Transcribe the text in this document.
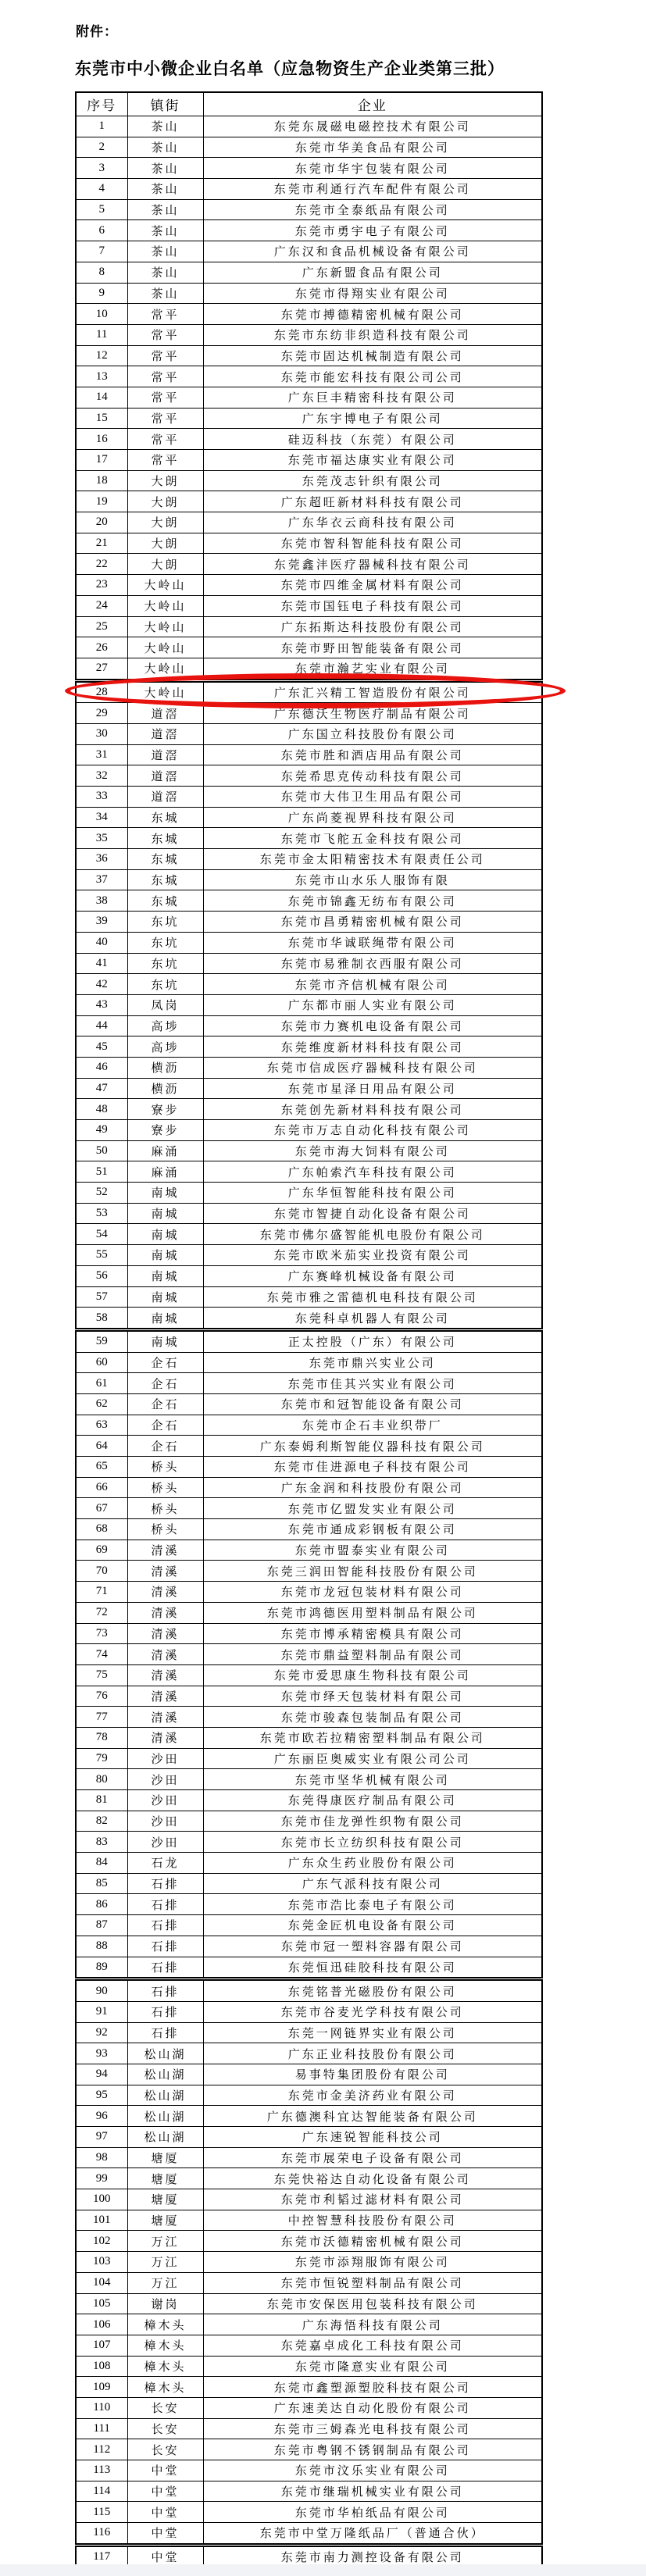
附件：
东莞市中小微企业白名单（应急物资生产企业类第三批）
序号	镇街	企业
1	茶山	东莞东晟磁电磁控技术有限公司
2	茶山	东莞市华美食品有限公司
3	茶山	东莞市华宇包装有限公司
4	茶山	东莞市利通行汽车配件有限公司
5	茶山	东莞市全泰纸品有限公司
6	茶山	东莞市勇宇电子有限公司
7	茶山	广东汉和食品机械设备有限公司
8	茶山	广东新盟食品有限公司
9	茶山	东莞市得翔实业有限公司
10	常平	东莞市搏德精密机械有限公司
11	常平	东莞市东纺非织造科技有限公司
12	常平	东莞市固达机械制造有限公司
13	常平	东莞市能宏科技有限公司公司
14	常平	广东巨丰精密科技有限公司
15	常平	广东宇博电子有限公司
16	常平	硅迈科技（东莞）有限公司
17	常平	东莞市福达康实业有限公司
18	大朗	东莞茂志针织有限公司
19	大朗	广东超旺新材料科技有限公司
20	大朗	广东华衣云商科技有限公司
21	大朗	东莞市智科智能科技有限公司
22	大朗	东莞鑫沣医疗器械科技有限公司
23	大岭山	东莞市四维金属材料有限公司
24	大岭山	东莞市国钰电子科技有限公司
25	大岭山	广东拓斯达科技股份有限公司
26	大岭山	东莞市野田智能装备有限公司
27	大岭山	东莞市瀚艺实业有限公司
28	大岭山	广东汇兴精工智造股份有限公司
29	道滘	广东德沃生物医疗制品有限公司
30	道滘	广东国立科技股份有限公司
31	道滘	东莞市胜和酒店用品有限公司
32	道滘	东莞希思克传动科技有限公司
33	道滘	东莞市大伟卫生用品有限公司
34	东城	广东尚菱视界科技有限公司
35	东城	东莞市飞舵五金科技有限公司
36	东城	东莞市金太阳精密技术有限责任公司
37	东城	东莞市山水乐人服饰有限
38	东城	东莞市锦鑫无纺布有限公司
39	东坑	东莞市昌勇精密机械有限公司
40	东坑	东莞市华诚联绳带有限公司
41	东坑	东莞市易雅制衣西服有限公司
42	东坑	东莞市齐信机械有限公司
43	凤岗	广东都市丽人实业有限公司
44	高埗	东莞市力赛机电设备有限公司
45	高埗	东莞维度新材料科技有限公司
46	横沥	东莞市信成医疗器械科技有限公司
47	横沥	东莞市星泽日用品有限公司
48	寮步	东莞创先新材料科技有限公司
49	寮步	东莞市万志自动化科技有限公司
50	麻涌	东莞市海大饲料有限公司
51	麻涌	广东帕索汽车科技有限公司
52	南城	广东华恒智能科技有限公司
53	南城	东莞市智捷自动化设备有限公司
54	南城	东莞市佛尔盛智能机电股份有限公司
55	南城	东莞市欧米茄实业投资有限公司
56	南城	广东赛峰机械设备有限公司
57	南城	东莞市雅之雷德机电科技有限公司
58	南城	东莞科卓机器人有限公司
59	南城	正太控股（广东）有限公司
60	企石	东莞市鼎兴实业公司
61	企石	东莞市佳其兴实业有限公司
62	企石	东莞市和冠智能设备有限公司
63	企石	东莞市企石丰业织带厂
64	企石	广东泰姆利斯智能仪器科技有限公司
65	桥头	东莞市佳进源电子科技有限公司
66	桥头	广东金润和科技股份有限公司
67	桥头	东莞市亿盟发实业有限公司
68	桥头	东莞市通成彩钢板有限公司
69	清溪	东莞市盟泰实业有限公司
70	清溪	东莞三润田智能科技股份有限公司
71	清溪	东莞市龙冠包装材料有限公司
72	清溪	东莞市鸿德医用塑料制品有限公司
73	清溪	东莞市博承精密模具有限公司
74	清溪	东莞市鼎益塑料制品有限公司
75	清溪	东莞市爱思康生物科技有限公司
76	清溪	东莞市绎天包装材料有限公司
77	清溪	东莞市骏森包装制品有限公司
78	清溪	东莞市欧若拉精密塑料制品有限公司
79	沙田	广东丽臣奥威实业有限公司公司
80	沙田	东莞市坚华机械有限公司
81	沙田	东莞得康医疗制品有限公司
82	沙田	东莞市佳龙弹性织物有限公司
83	沙田	东莞市长立纺织科技有限公司
84	石龙	广东众生药业股份有限公司
85	石排	广东气派科技有限公司
86	石排	东莞市浩比泰电子有限公司
87	石排	东莞金匠机电设备有限公司
88	石排	东莞市冠一塑料容器有限公司
89	石排	东莞恒迅硅胶科技有限公司
90	石排	东莞铭普光磁股份有限公司
91	石排	东莞市谷麦光学科技有限公司
92	石排	东莞一网链界实业有限公司
93	松山湖	广东正业科技股份有限公司
94	松山湖	易事特集团股份有限公司
95	松山湖	东莞市金美济药业有限公司
96	松山湖	广东德澳科宜达智能装备有限公司
97	松山湖	广东速锐智能科技公司
98	塘厦	东莞市展荣电子设备有限公司
99	塘厦	东莞快裕达自动化设备有限公司
100	塘厦	东莞市利韬过滤材料有限公司
101	塘厦	中控智慧科技股份有限公司
102	万江	东莞市沃德精密机械有限公司
103	万江	东莞市添翔服饰有限公司
104	万江	东莞市恒锐塑料制品有限公司
105	谢岗	东莞市安保医用包装科技有限公司
106	樟木头	广东海悟科技有限公司
107	樟木头	东莞嘉卓成化工科技有限公司
108	樟木头	东莞市隆意实业有限公司
109	樟木头	东莞市鑫塑源塑胶科技有限公司
110	长安	广东速美达自动化股份有限公司
111	长安	东莞市三姆森光电科技有限公司
112	长安	东莞市粤钢不锈钢制品有限公司
113	中堂	东莞市汶乐实业有限公司
114	中堂	东莞市继瑞机械实业有限公司
115	中堂	东莞市华柏纸品有限公司
116	中堂	东莞市中堂万隆纸品厂（普通合伙）
117	中堂	东莞市南力测控设备有限公司
